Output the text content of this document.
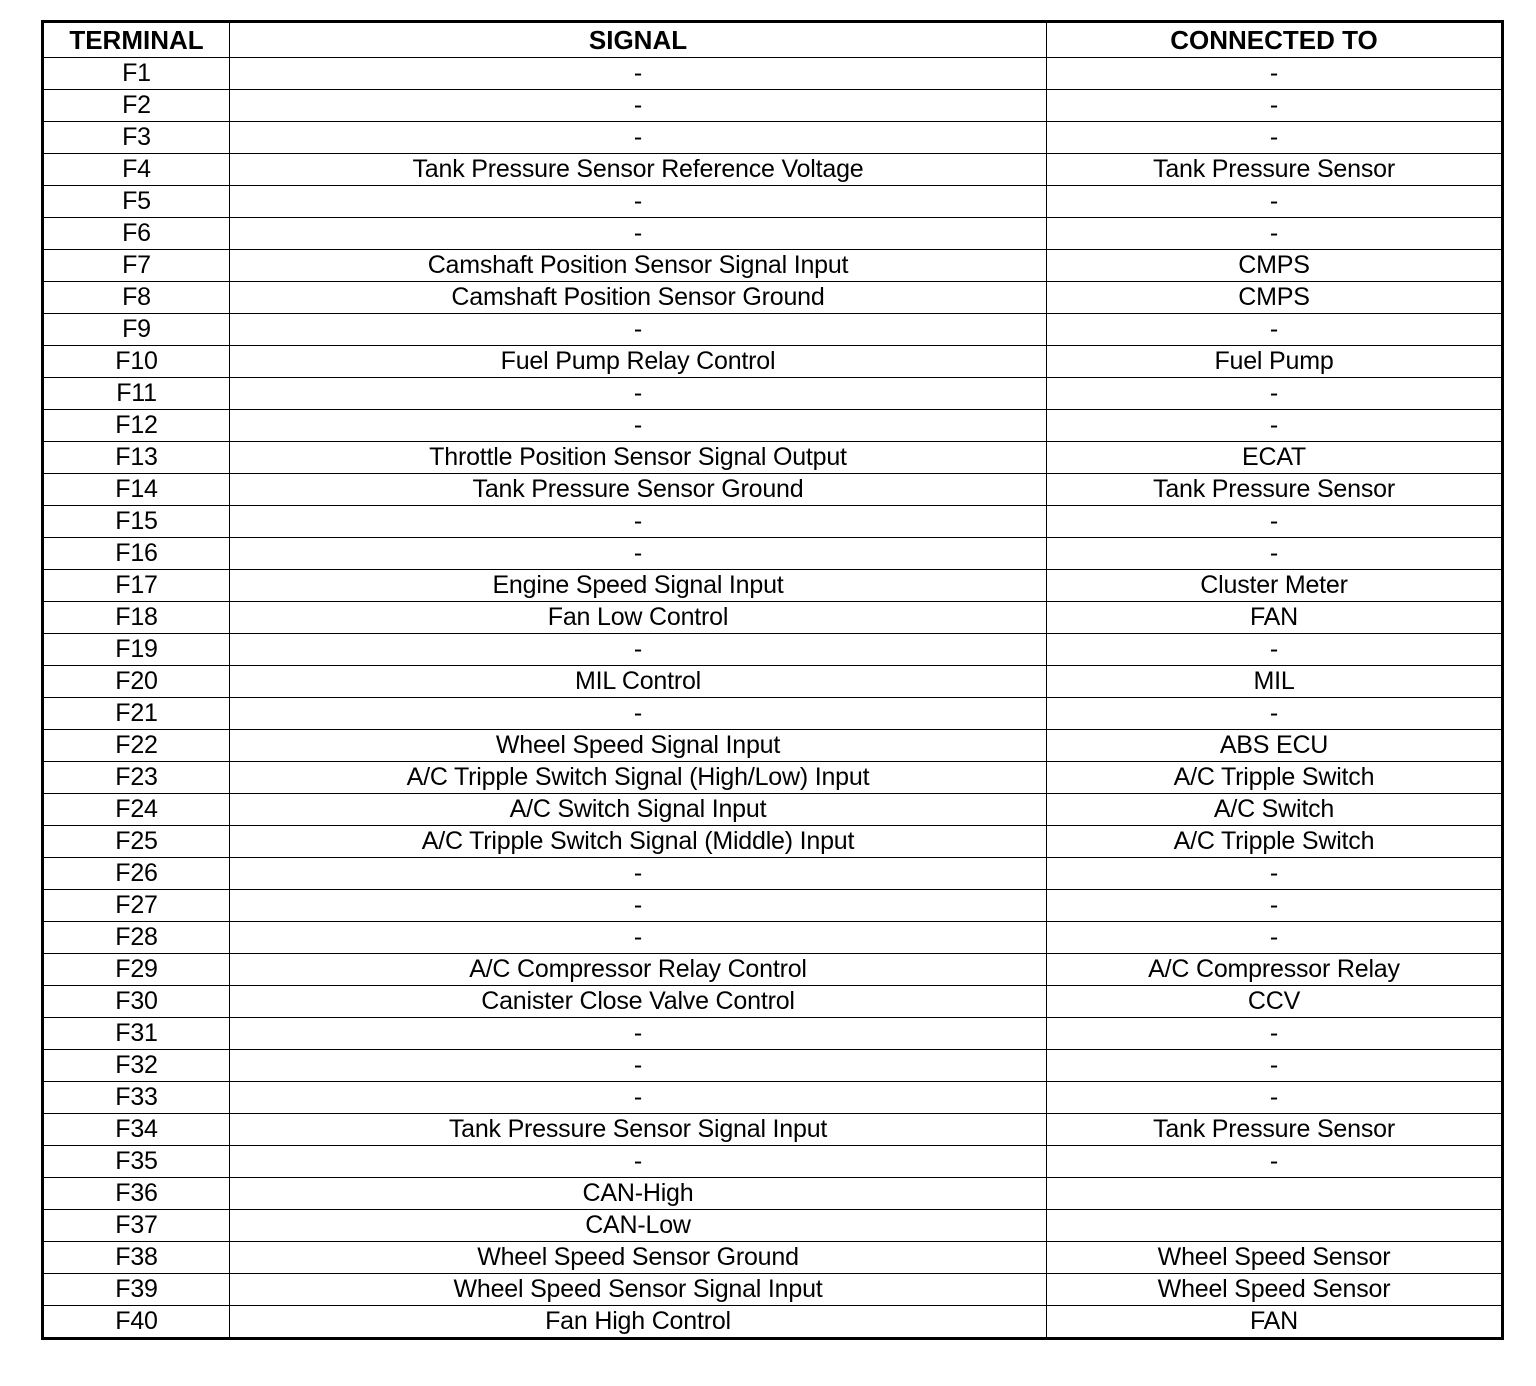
TERMINAL	SIGNAL	CONNECTED TO
F1	-	-
F2	-	-
F3	-	-
F4	Tank Pressure Sensor Reference Voltage	Tank Pressure Sensor
F5	-	-
F6	-	-
F7	Camshaft Position Sensor Signal Input	CMPS
F8	Camshaft Position Sensor Ground	CMPS
F9	-	-
F10	Fuel Pump Relay Control	Fuel Pump
F11	-	-
F12	-	-
F13	Throttle Position Sensor Signal Output	ECAT
F14	Tank Pressure Sensor Ground	Tank Pressure Sensor
F15	-	-
F16	-	-
F17	Engine Speed Signal Input	Cluster Meter
F18	Fan Low Control	FAN
F19	-	-
F20	MIL Control	MIL
F21	-	-
F22	Wheel Speed Signal Input	ABS ECU
F23	A/C Tripple Switch Signal (High/Low) Input	A/C Tripple Switch
F24	A/C Switch Signal Input	A/C Switch
F25	A/C Tripple Switch Signal (Middle) Input	A/C Tripple Switch
F26	-	-
F27	-	-
F28	-	-
F29	A/C Compressor Relay Control	A/C Compressor Relay
F30	Canister Close Valve Control	CCV
F31	-	-
F32	-	-
F33	-	-
F34	Tank Pressure Sensor Signal Input	Tank Pressure Sensor
F35	-	-
F36	CAN-High	
F37	CAN-Low	
F38	Wheel Speed Sensor Ground	Wheel Speed Sensor
F39	Wheel Speed Sensor Signal Input	Wheel Speed Sensor
F40	Fan High Control	FAN
